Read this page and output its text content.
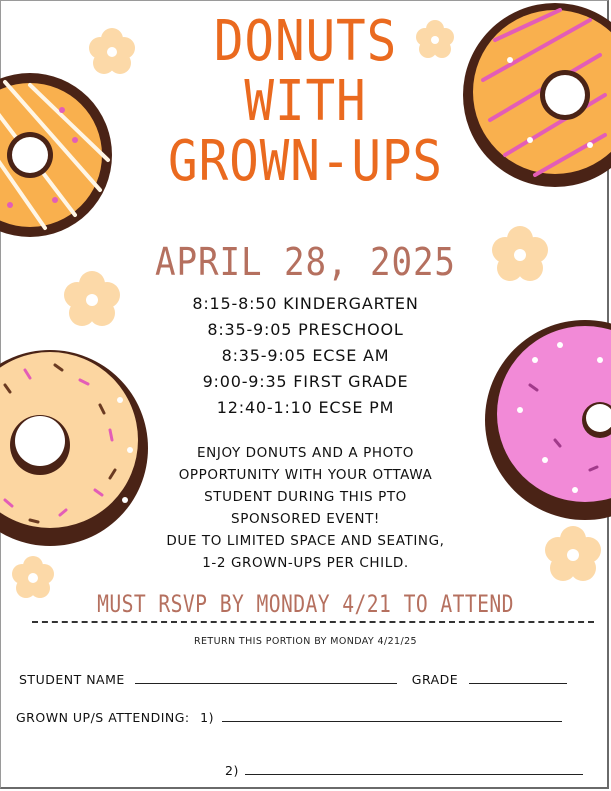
DONUTS
WITH
GROWN-UPS
APRIL 28, 2025
8:15-8:50 KINDERGARTEN
8:35-9:05 PRESCHOOL
8:35-9:05 ECSE AM
9:00-9:35 FIRST GRADE
12:40-1:10 ECSE PM
ENJOY DONUTS AND A PHOTO
OPPORTUNITY WITH YOUR OTTAWA
STUDENT DURING THIS PTO
SPONSORED EVENT!
DUE TO LIMITED SPACE AND SEATING,
1-2 GROWN-UPS PER CHILD.
MUST RSVP BY MONDAY 4/21 TO ATTEND
RETURN THIS PORTION BY MONDAY 4/21/25
STUDENT NAME	GRADE
GROWN UP/S ATTENDING: 1)
2)
